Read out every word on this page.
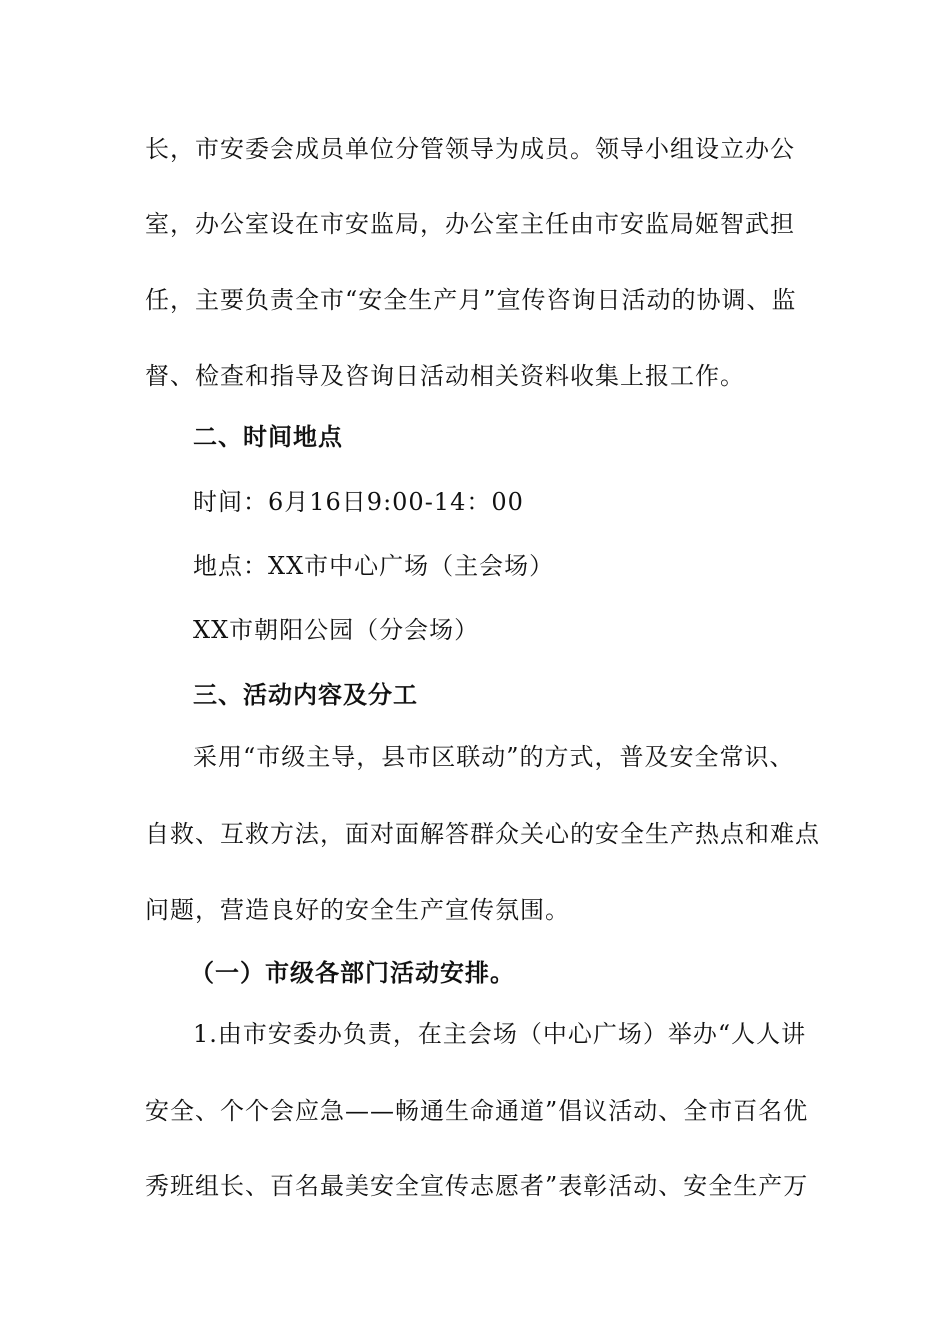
长，市安委会成员单位分管领导为成员。领导小组设立办公
室，办公室设在市安监局，办公室主任由市安监局姬智武担
任，主要负责全市“安全生产月”宣传咨询日活动的协调、监
督、检查和指导及咨询日活动相关资料收集上报工作。
二、时间地点
时间：6月16日9:00-14：00
地点：XX市中心广场（主会场）
XX市朝阳公园（分会场）
三、活动内容及分工
采用“市级主导，县市区联动”的方式，普及安全常识、
自救、互救方法，面对面解答群众关心的安全生产热点和难点
问题，营造良好的安全生产宣传氛围。
（一）市级各部门活动安排。
1.由市安委办负责，在主会场（中心广场）举办“人人讲
安全、个个会应急——畅通生命通道”倡议活动、全市百名优
秀班组长、百名最美安全宣传志愿者”表彰活动、安全生产万
